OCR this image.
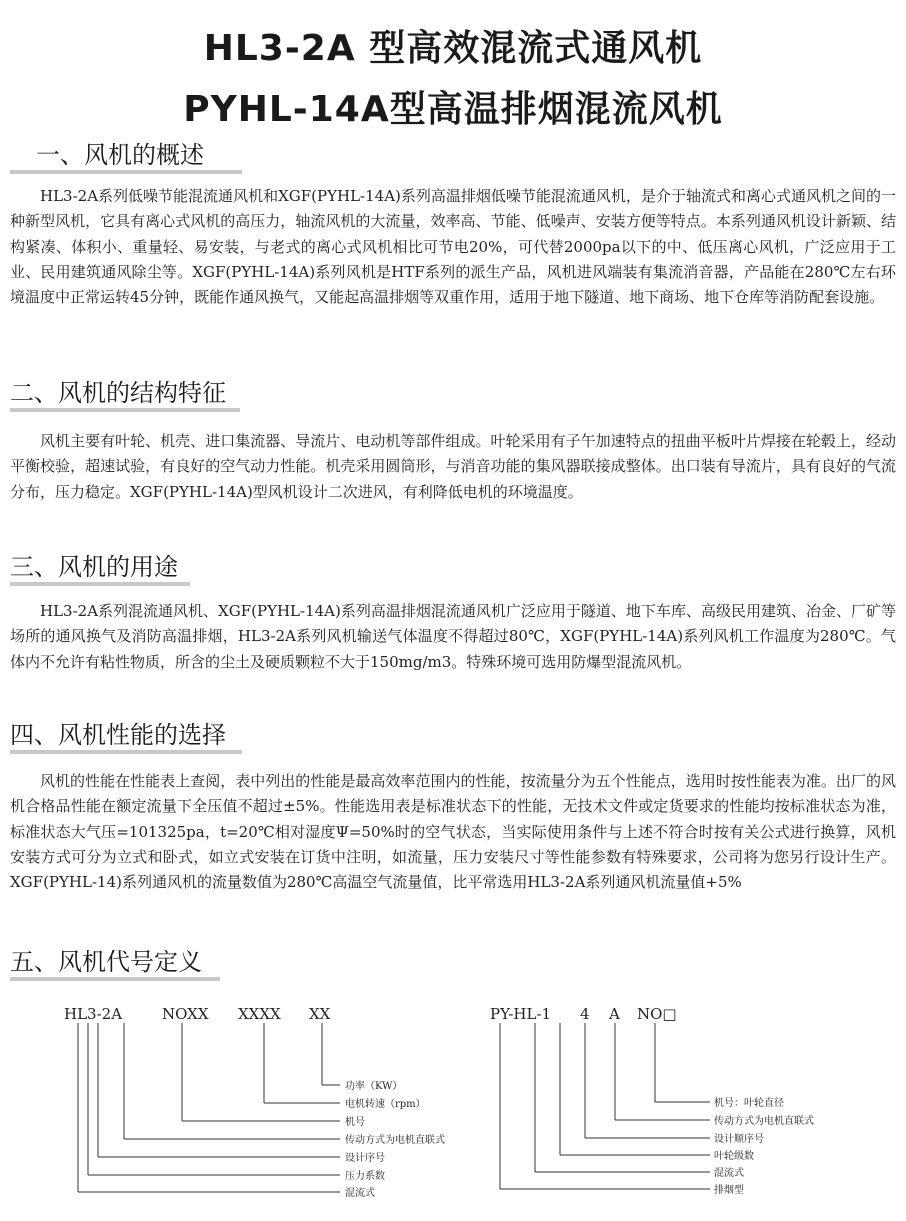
HL3-2A 型高效混流式通风机
PYHL-14A型高温排烟混流风机
一、风机的概述

HL3-2A系列低噪节能混流通风机和XGF(PYHL-14A)系列高温排烟低噪节能混流通风机，是介于轴流式和离心式通风机之间的一种新型风机，它具有离心式风机的高压力，轴流风机的大流量，效率高、节能、低噪声、安装方便等特点。本系列通风机设计新颖、结构紧凑、体积小、重量轻、易安装，与老式的离心式风机相比可节电20%，可代替2000pa以下的中、低压离心风机，广泛应用于工业、民用建筑通风除尘等。XGF(PYHL-14A)系列风机是HTF系列的派生产品，风机进风端装有集流消音器，产品能在280℃左右环境温度中正常运转45分钟，既能作通风换气，又能起高温排烟等双重作用，适用于地下隧道、地下商场、地下仓库等消防配套设施。

二、风机的结构特征

风机主要有叶轮、机壳、进口集流器、导流片、电动机等部件组成。叶轮采用有子午加速特点的扭曲平板叶片焊接在轮毂上，经动平衡校验，超速试验，有良好的空气动力性能。机壳采用圆筒形，与消音功能的集风器联接成整体。出口装有导流片，具有良好的气流分布，压力稳定。XGF(PYHL-14A)型风机设计二次进风，有利降低电机的环境温度。

三、风机的用途

HL3-2A系列混流通风机、XGF(PYHL-14A)系列高温排烟混流通风机广泛应用于隧道、地下车库、高级民用建筑、冶金、厂矿等场所的通风换气及消防高温排烟，HL3-2A系列风机输送气体温度不得超过80℃，XGF(PYHL-14A)系列风机工作温度为280℃。气体内不允许有粘性物质，所含的尘土及硬质颗粒不大于150mg/m3。特殊环境可选用防爆型混流风机。

四、风机性能的选择

风机的性能在性能表上查阅，表中列出的性能是最高效率范围内的性能，按流量分为五个性能点，选用时按性能表为准。出厂的风机合格品性能在额定流量下全压值不超过±5%。性能选用表是标准状态下的性能，无技术文件或定货要求的性能均按标准状态为准，标准状态大气压=101325pa，t=20℃相对湿度Ψ=50%时的空气状态，当实际使用条件与上述不符合时按有关公式进行换算，风机安装方式可分为立式和卧式，如立式安装在订货中注明，如流量，压力安装尺寸等性能参数有特殊要求，公司将为您另行设计生产。XGF(PYHL-14)系列通风机的流量数值为280℃高温空气流量值，比平常选用HL3-2A系列通风机流量值+5%

五、风机代号定义
HL3-2A	NOXX XXXX XX
功率（KW）
电机转速（rpm）
机号
传动方式为电机直联式
设计序号
压力系数
混流式
PY-HL-1 4 A NO□
机号：叶轮直径
传动方式为电机直联式
设计顺序号
叶轮级数
混流式
排烟型
